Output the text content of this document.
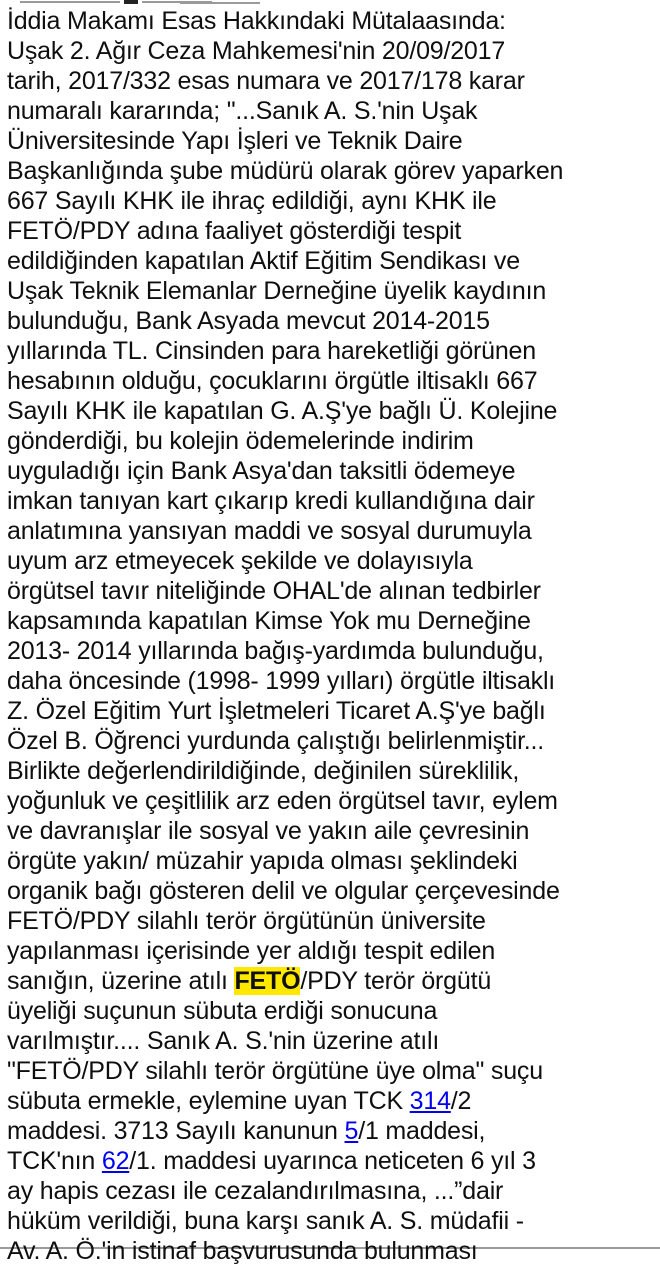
İddia Makamı Esas Hakkındaki Mütalaasında:
Uşak 2. Ağır Ceza Mahkemesi'nin 20/09/2017
tarih, 2017/332 esas numara ve 2017/178 karar
numaralı kararında; "...Sanık A. S.'nin Uşak
Üniversitesinde Yapı İşleri ve Teknik Daire
Başkanlığında şube müdürü olarak görev yaparken
667 Sayılı KHK ile ihraç edildiği, aynı KHK ile
FETÖ/PDY adına faaliyet gösterdiği tespit
edildiğinden kapatılan Aktif Eğitim Sendikası ve
Uşak Teknik Elemanlar Derneğine üyelik kaydının
bulunduğu, Bank Asyada mevcut 2014-2015
yıllarında TL. Cinsinden para hareketliği görünen
hesabının olduğu, çocuklarını örgütle iltisaklı 667
Sayılı KHK ile kapatılan G. A.Ş'ye bağlı Ü. Kolejine
gönderdiği, bu kolejin ödemelerinde indirim
uyguladığı için Bank Asya'dan taksitli ödemeye
imkan tanıyan kart çıkarıp kredi kullandığına dair
anlatımına yansıyan maddi ve sosyal durumuyla
uyum arz etmeyecek şekilde ve dolayısıyla
örgütsel tavır niteliğinde OHAL'de alınan tedbirler
kapsamında kapatılan Kimse Yok mu Derneğine
2013- 2014 yıllarında bağış-yardımda bulunduğu,
daha öncesinde (1998- 1999 yılları) örgütle iltisaklı
Z. Özel Eğitim Yurt İşletmeleri Ticaret A.Ş'ye bağlı
Özel B. Öğrenci yurdunda çalıştığı belirlenmiştir...
Birlikte değerlendirildiğinde, değinilen süreklilik,
yoğunluk ve çeşitlilik arz eden örgütsel tavır, eylem
ve davranışlar ile sosyal ve yakın aile çevresinin
örgüte yakın/ müzahir yapıda olması şeklindeki
organik bağı gösteren delil ve olgular çerçevesinde
FETÖ/PDY silahlı terör örgütünün üniversite
yapılanması içerisinde yer aldığı tespit edilen
sanığın, üzerine atılı FETÖ/PDY terör örgütü
üyeliği suçunun sübuta erdiği sonucuna
varılmıştır.... Sanık A. S.'nin üzerine atılı
"FETÖ/PDY silahlı terör örgütüne üye olma" suçu
sübuta ermekle, eylemine uyan TCK 314/2
maddesi. 3713 Sayılı kanunun 5/1 maddesi,
TCK'nın 62/1. maddesi uyarınca neticeten 6 yıl 3
ay hapis cezası ile cezalandırılmasına, ...”dair
hüküm verildiği, buna karşı sanık A. S. müdafii -
Av. A. Ö.'in istinaf başvurusunda bulunması
